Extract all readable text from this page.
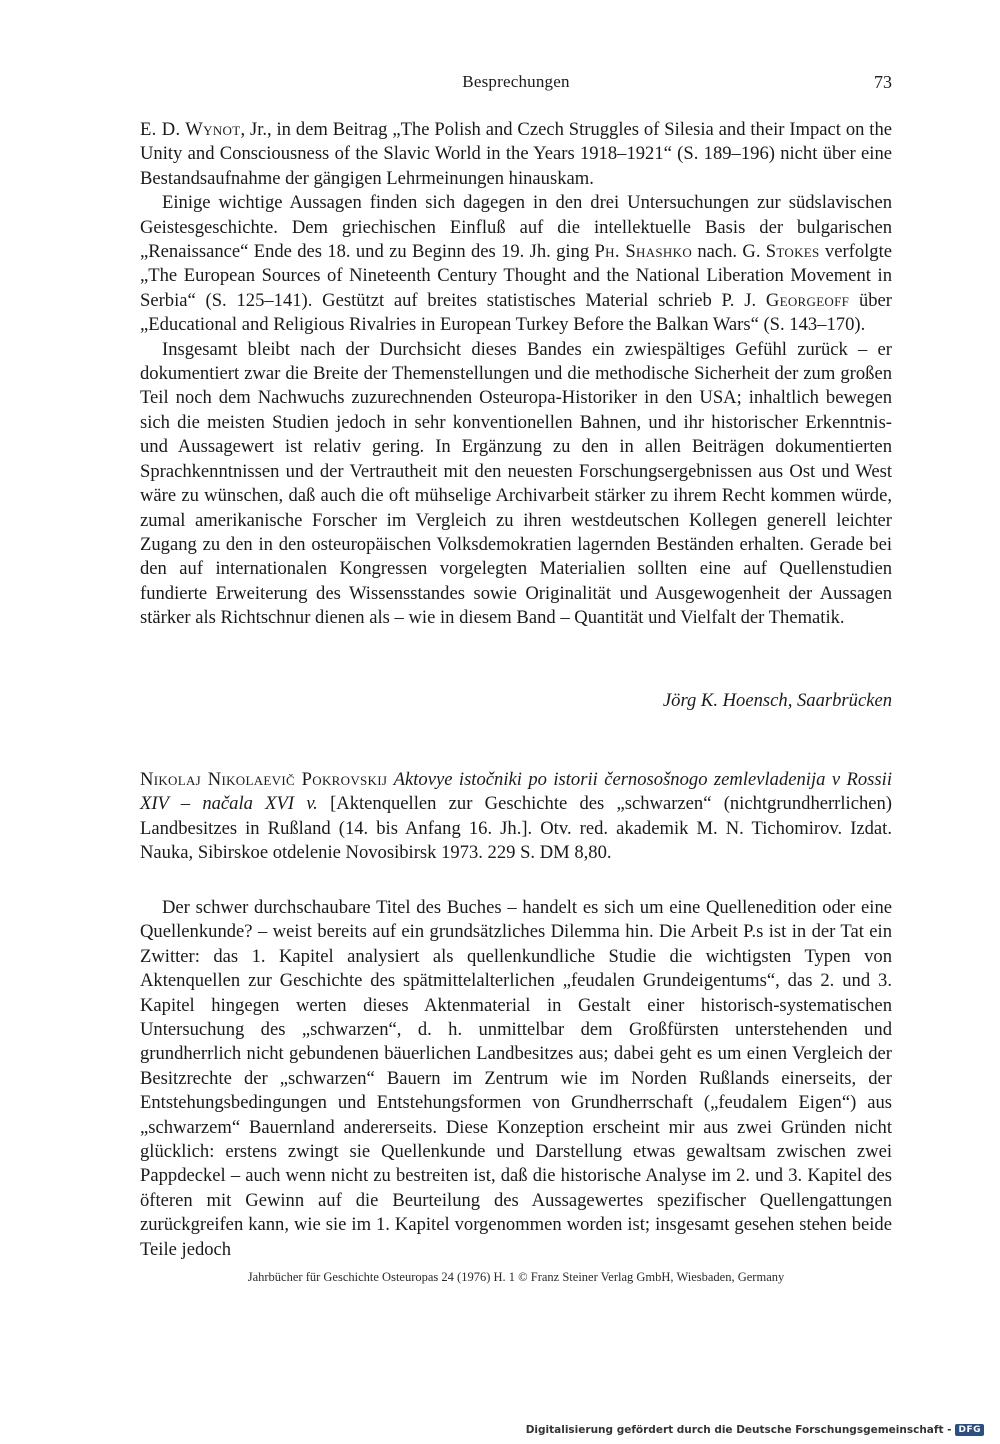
Besprechungen	73

E. D. Wynot, Jr., in dem Beitrag „The Polish and Czech Struggles of Silesia and their Impact on the Unity and Consciousness of the Slavic World in the Years 1918–1921“ (S. 189–196) nicht über eine Bestandsaufnahme der gängigen Lehrmeinungen hinauskam.

Einige wichtige Aussagen finden sich dagegen in den drei Untersuchungen zur südslavischen Geistesgeschichte. Dem griechischen Einfluß auf die intellektuelle Basis der bulgarischen „Renaissance“ Ende des 18. und zu Beginn des 19. Jh. ging Ph. Shashko nach. G. Stokes verfolgte „The European Sources of Nineteenth Century Thought and the National Liberation Movement in Serbia“ (S. 125–141). Gestützt auf breites statistisches Material schrieb P. J. Georgeoff über „Educational and Religious Rivalries in European Turkey Before the Balkan Wars“ (S. 143–170).

Insgesamt bleibt nach der Durchsicht dieses Bandes ein zwiespältiges Gefühl zurück – er dokumentiert zwar die Breite der Themenstellungen und die methodische Sicherheit der zum großen Teil noch dem Nachwuchs zuzurechnenden Osteuropa-Historiker in den USA; inhaltlich bewegen sich die meisten Studien jedoch in sehr konventionellen Bahnen, und ihr historischer Erkenntnis- und Aussagewert ist relativ gering. In Ergänzung zu den in allen Beiträgen dokumentierten Sprachkenntnissen und der Vertrautheit mit den neuesten Forschungsergebnissen aus Ost und West wäre zu wünschen, daß auch die oft mühselige Archivarbeit stärker zu ihrem Recht kommen würde, zumal amerikanische Forscher im Vergleich zu ihren westdeutschen Kollegen generell leichter Zugang zu den in den osteuropäischen Volksdemokratien lagernden Beständen erhalten. Gerade bei den auf internationalen Kongressen vorgelegten Materialien sollten eine auf Quellenstudien fundierte Erweiterung des Wissensstandes sowie Originalität und Ausgewogenheit der Aussagen stärker als Richtschnur dienen als – wie in diesem Band – Quantität und Vielfalt der Thematik.

Jörg K. Hoensch, Saarbrücken

Nikolaj Nikolaevič Pokrovskij Aktovye istočniki po istorii černosošnogo zemlevladenija v Rossii XIV – načala XVI v. [Aktenquellen zur Geschichte des „schwarzen“ (nichtgrundherrlichen) Landbesitzes in Rußland (14. bis Anfang 16. Jh.]. Otv. red. akademik M. N. Tichomirov. Izdat. Nauka, Sibirskoe otdelenie Novosibirsk 1973. 229 S. DM 8,80.

Der schwer durchschaubare Titel des Buches – handelt es sich um eine Quellenedition oder eine Quellenkunde? – weist bereits auf ein grundsätzliches Dilemma hin. Die Arbeit P.s ist in der Tat ein Zwitter: das 1. Kapitel analysiert als quellenkundliche Studie die wichtigsten Typen von Aktenquellen zur Geschichte des spätmittelalterlichen „feudalen Grundeigentums“, das 2. und 3. Kapitel hingegen werten dieses Aktenmaterial in Gestalt einer historisch-systematischen Untersuchung des „schwarzen“, d. h. unmittelbar dem Großfürsten unterstehenden und grundherrlich nicht gebundenen bäuerlichen Landbesitzes aus; dabei geht es um einen Vergleich der Besitzrechte der „schwarzen“ Bauern im Zentrum wie im Norden Rußlands einerseits, der Entstehungsbedingungen und Entstehungsformen von Grundherrschaft („feudalem Eigen“) aus „schwarzem“ Bauernland andererseits. Diese Konzeption erscheint mir aus zwei Gründen nicht glücklich: erstens zwingt sie Quellenkunde und Darstellung etwas gewaltsam zwischen zwei Pappdeckel – auch wenn nicht zu bestreiten ist, daß die historische Analyse im 2. und 3. Kapitel des öfteren mit Gewinn auf die Beurteilung des Aussagewertes spezifischer Quellengattungen zurückgreifen kann, wie sie im 1. Kapitel vorgenommen worden ist; insgesamt gesehen stehen beide Teile jedoch

Jahrbücher für Geschichte Osteuropas 24 (1976) H. 1 © Franz Steiner Verlag GmbH, Wiesbaden, Germany
Digitalisierung gefördert durch die Deutsche Forschungsgemeinschaft - DFG
